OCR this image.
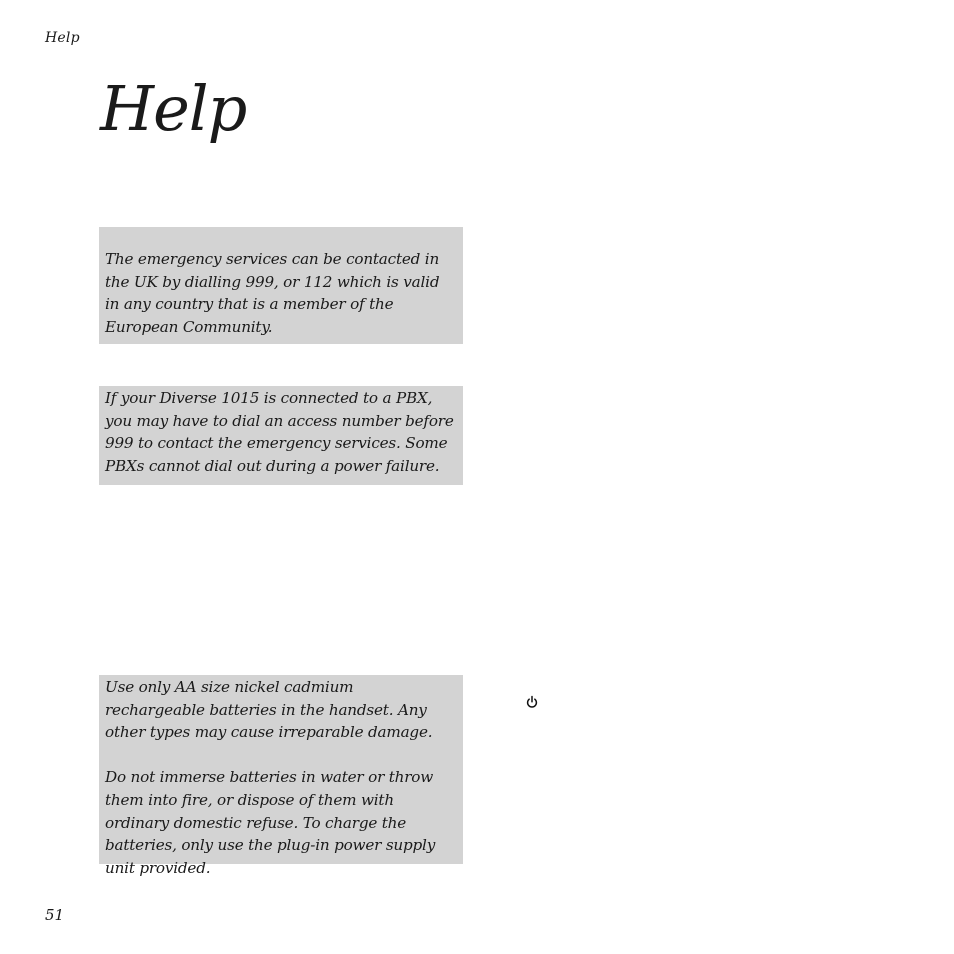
Help
Help

The emergency services can be contacted in the UK by dialling 999, or 112 which is valid in any country that is a member of the European Community.

If your Diverse 1015 is connected to a PBX, you may have to dial an access number before 999 to contact the emergency services. Some PBXs cannot dial out during a power failure.

Use only AA size nickel cadmium rechargeable batteries in the handset. Any other types may cause irreparable damage.

Do not immerse batteries in water or throw them into fire, or dispose of them with ordinary domestic refuse. To charge the batteries, only use the plug-in power supply unit provided.

51
